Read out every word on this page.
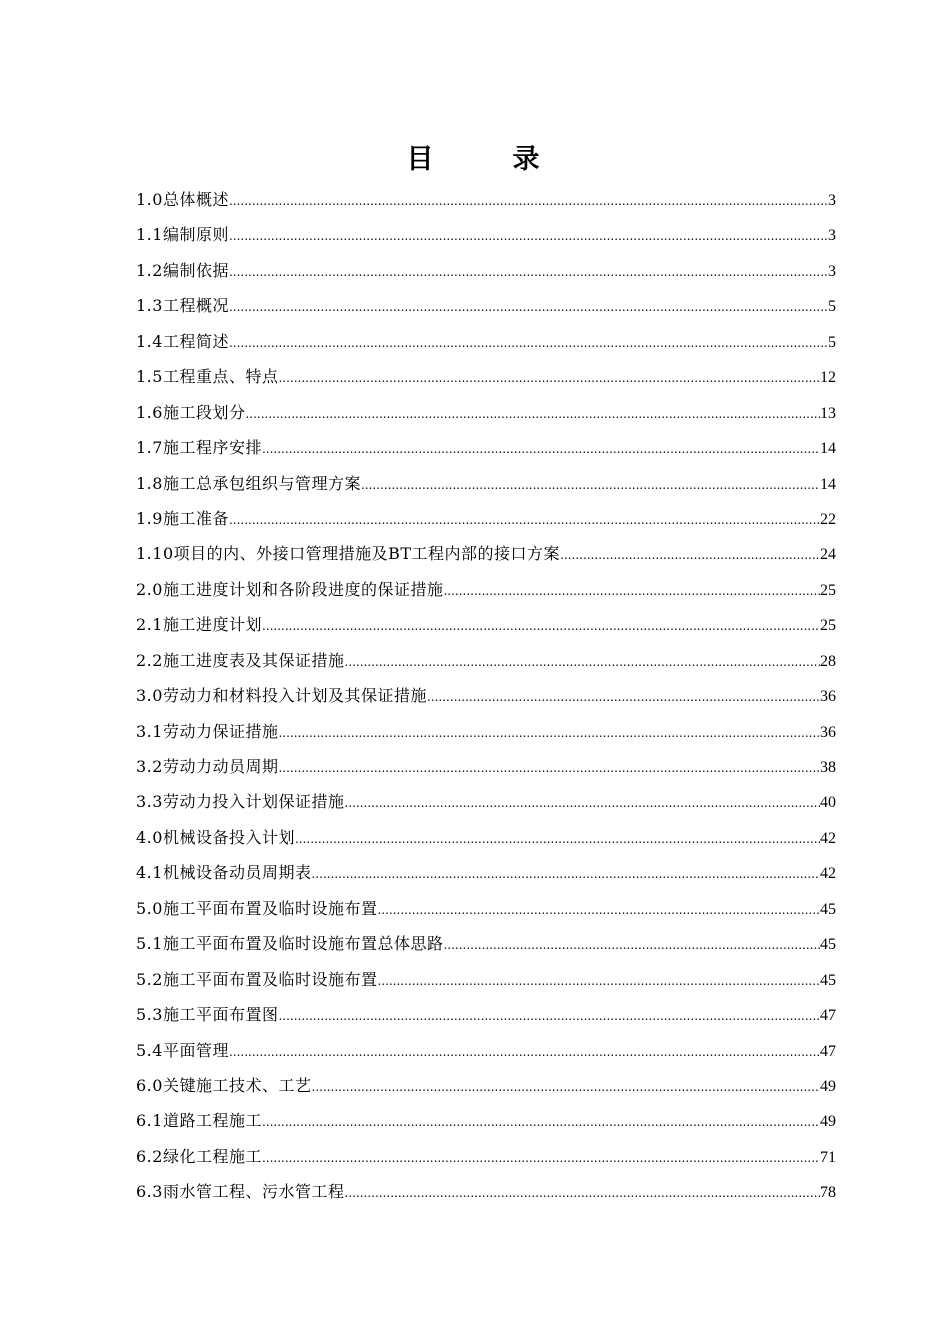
目　录
1.0总体概述 .....	3
1.1编制原则 .....	3
1.2编制依据 .....	3
1.3工程概况 .....	5
1.4工程简述 .....	5
1.5工程重点、特点 .....	12
1.6施工段划分 .....	13
1.7施工程序安排 .....	14
1.8施工总承包组织与管理方案 .....	14
1.9施工准备 .....	22
1.10项目的内、外接口管理措施及BT工程内部的接口方案 .....	24
2.0施工进度计划和各阶段进度的保证措施 .....	25
2.1施工进度计划 .....	25
2.2施工进度表及其保证措施 .....	28
3.0劳动力和材料投入计划及其保证措施 .....	36
3.1劳动力保证措施 .....	36
3.2劳动力动员周期 .....	38
3.3劳动力投入计划保证措施 .....	40
4.0机械设备投入计划 .....	42
4.1机械设备动员周期表 .....	42
5.0施工平面布置及临时设施布置 .....	45
5.1施工平面布置及临时设施布置总体思路 .....	45
5.2施工平面布置及临时设施布置 .....	45
5.3施工平面布置图 .....	47
5.4平面管理 .....	47
6.0关键施工技术、工艺 .....	49
6.1道路工程施工 .....	49
6.2绿化工程施工 .....	71
6.3雨水管工程、污水管工程 .....	78
